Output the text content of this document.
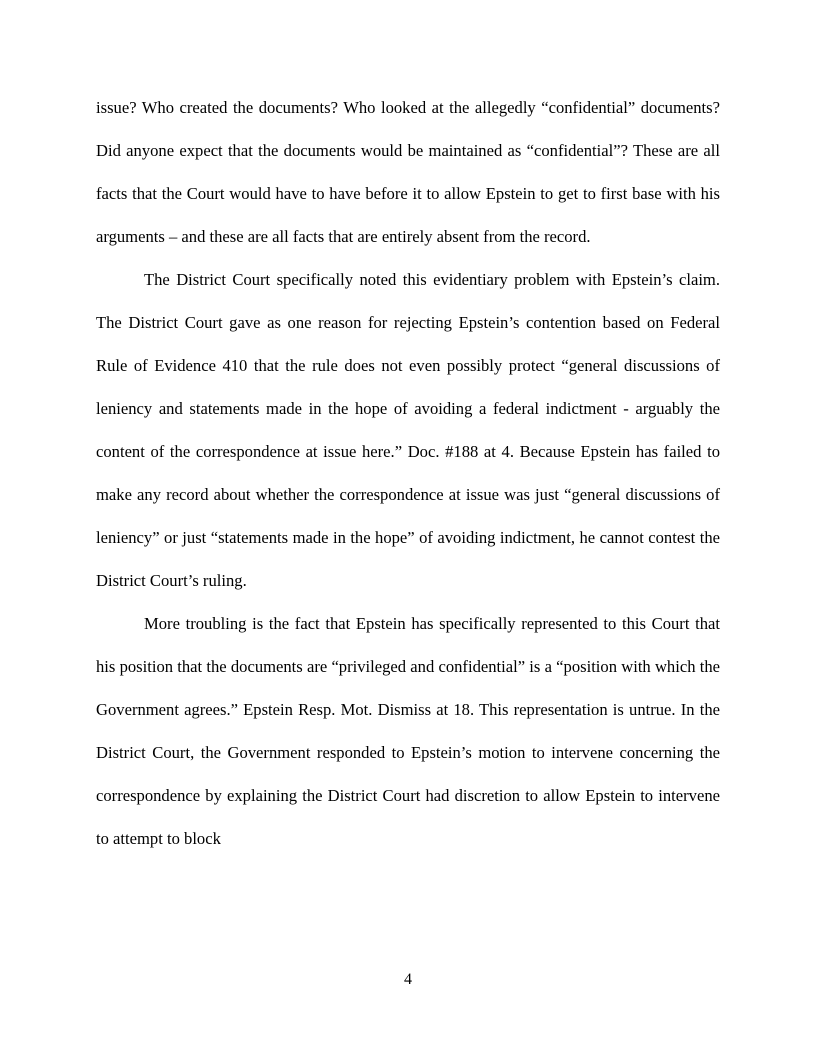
issue? Who created the documents? Who looked at the allegedly “confidential” documents? Did anyone expect that the documents would be maintained as “confidential”? These are all facts that the Court would have to have before it to allow Epstein to get to first base with his arguments – and these are all facts that are entirely absent from the record.

The District Court specifically noted this evidentiary problem with Epstein’s claim. The District Court gave as one reason for rejecting Epstein’s contention based on Federal Rule of Evidence 410 that the rule does not even possibly protect “general discussions of leniency and statements made in the hope of avoiding a federal indictment - arguably the content of the correspondence at issue here.” Doc. #188 at 4. Because Epstein has failed to make any record about whether the correspondence at issue was just “general discussions of leniency” or just “statements made in the hope” of avoiding indictment, he cannot contest the District Court’s ruling.

More troubling is the fact that Epstein has specifically represented to this Court that his position that the documents are “privileged and confidential” is a “position with which the Government agrees.” Epstein Resp. Mot. Dismiss at 18. This representation is untrue. In the District Court, the Government responded to Epstein’s motion to intervene concerning the correspondence by explaining the District Court had discretion to allow Epstein to intervene to attempt to block

4
